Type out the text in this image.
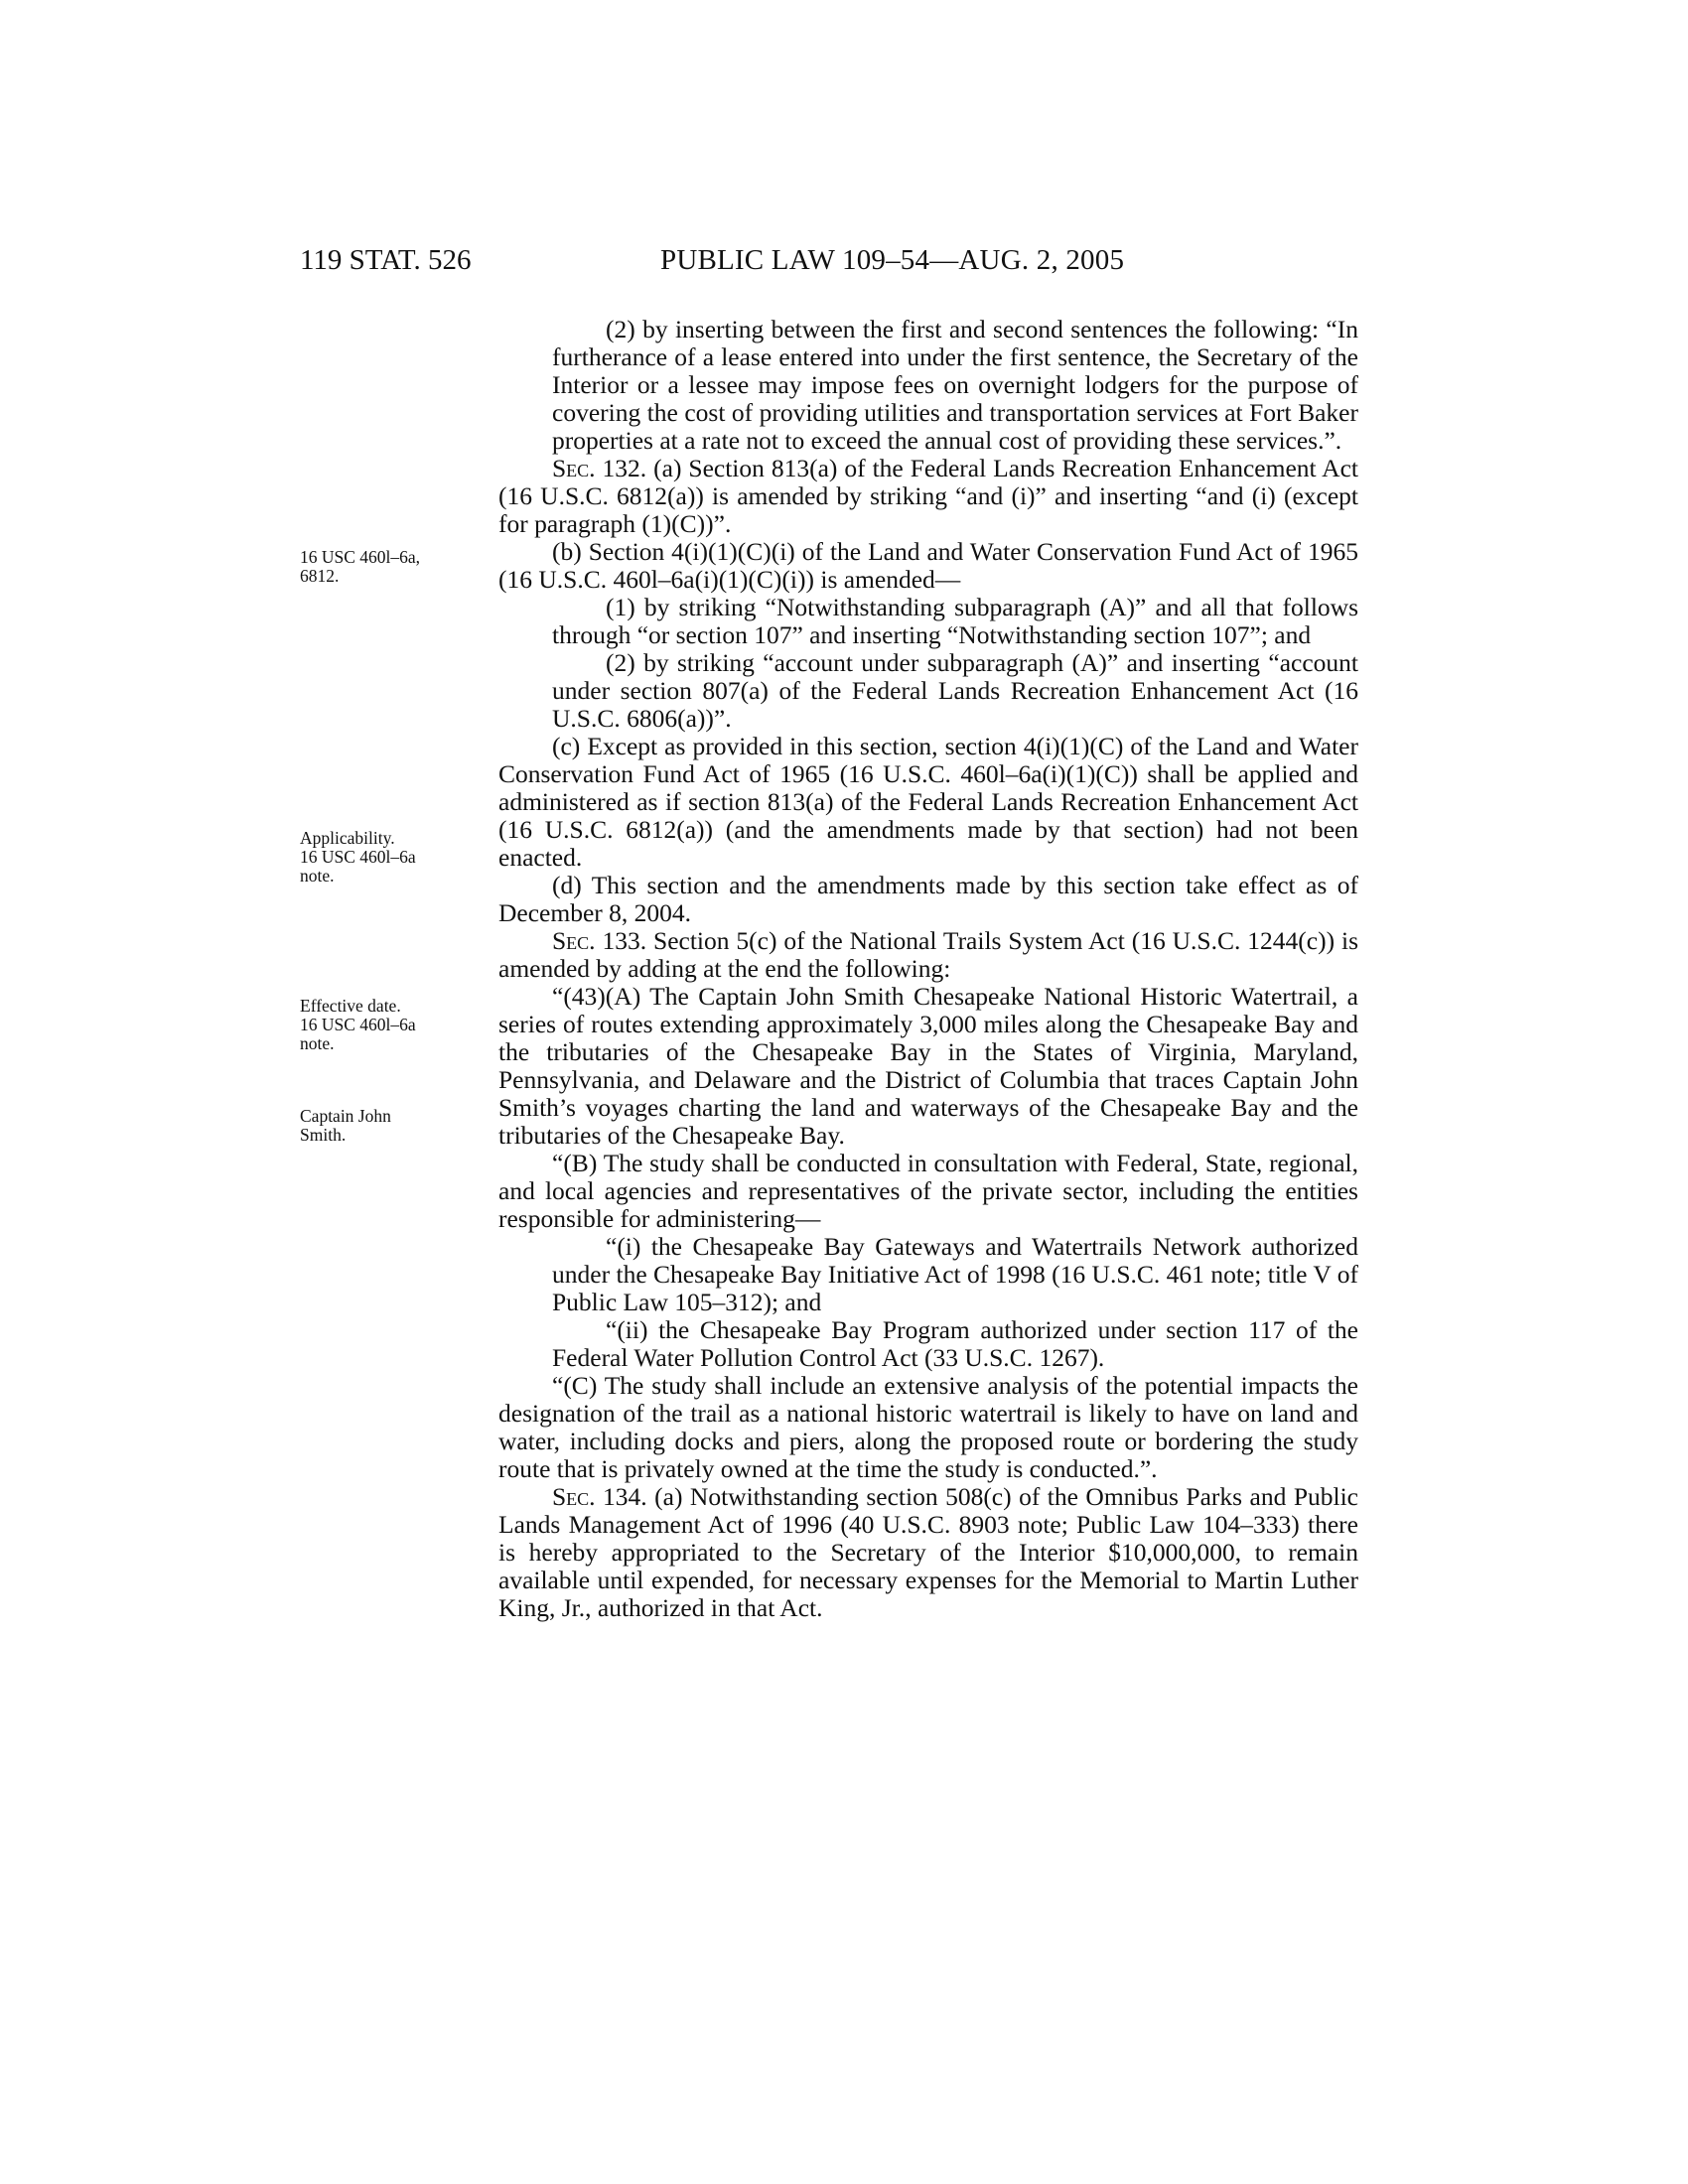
119 STAT. 526	PUBLIC LAW 109–54—AUG. 2, 2005
16 USC 460l–6a,
6812.
Applicability.
16 USC 460l–6a
note.
Effective date.
16 USC 460l–6a
note.
Captain John
Smith.

(2) by inserting between the first and second sentences the following: “In furtherance of a lease entered into under the first sentence, the Secretary of the Interior or a lessee may impose fees on overnight lodgers for the purpose of covering the cost of providing utilities and transportation services at Fort Baker properties at a rate not to exceed the annual cost of providing these services.”.

Sec. 132. (a) Section 813(a) of the Federal Lands Recreation Enhancement Act (16 U.S.C. 6812(a)) is amended by striking “and (i)” and inserting “and (i) (except for paragraph (1)(C))”.

(b) Section 4(i)(1)(C)(i) of the Land and Water Conservation Fund Act of 1965 (16 U.S.C. 460l–6a(i)(1)(C)(i)) is amended—

(1) by striking “Notwithstanding subparagraph (A)” and all that follows through “or section 107” and inserting “Notwithstanding section 107”; and

(2) by striking “account under subparagraph (A)” and inserting “account under section 807(a) of the Federal Lands Recreation Enhancement Act (16 U.S.C. 6806(a))”.

(c) Except as provided in this section, section 4(i)(1)(C) of the Land and Water Conservation Fund Act of 1965 (16 U.S.C. 460l–6a(i)(1)(C)) shall be applied and administered as if section 813(a) of the Federal Lands Recreation Enhancement Act (16 U.S.C. 6812(a)) (and the amendments made by that section) had not been enacted.

(d) This section and the amendments made by this section take effect as of December 8, 2004.

Sec. 133. Section 5(c) of the National Trails System Act (16 U.S.C. 1244(c)) is amended by adding at the end the following:

“(43)(A) The Captain John Smith Chesapeake National Historic Watertrail, a series of routes extending approximately 3,000 miles along the Chesapeake Bay and the tributaries of the Chesapeake Bay in the States of Virginia, Maryland, Pennsylvania, and Delaware and the District of Columbia that traces Captain John Smith’s voyages charting the land and waterways of the Chesapeake Bay and the tributaries of the Chesapeake Bay.

“(B) The study shall be conducted in consultation with Federal, State, regional, and local agencies and representatives of the private sector, including the entities responsible for administering—

“(i) the Chesapeake Bay Gateways and Watertrails Network authorized under the Chesapeake Bay Initiative Act of 1998 (16 U.S.C. 461 note; title V of Public Law 105–312); and

“(ii) the Chesapeake Bay Program authorized under section 117 of the Federal Water Pollution Control Act (33 U.S.C. 1267).

“(C) The study shall include an extensive analysis of the potential impacts the designation of the trail as a national historic watertrail is likely to have on land and water, including docks and piers, along the proposed route or bordering the study route that is privately owned at the time the study is conducted.”.

Sec. 134. (a) Notwithstanding section 508(c) of the Omnibus Parks and Public Lands Management Act of 1996 (40 U.S.C. 8903 note; Public Law 104–333) there is hereby appropriated to the Secretary of the Interior $10,000,000, to remain available until expended, for necessary expenses for the Memorial to Martin Luther King, Jr., authorized in that Act.
